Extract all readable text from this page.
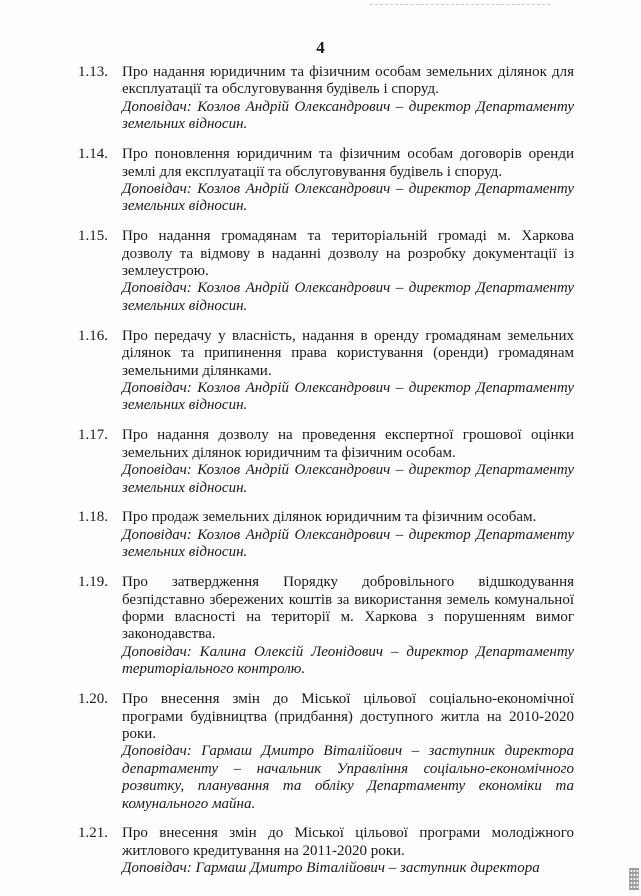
4
1.13. Про надання юридичним та фізичним особам земельних ділянок для експлуатації та обслуговування будівель і споруд.
Доповідач: Козлов Андрій Олександрович – директор Департаменту земельних відносин.
1.14. Про поновлення юридичним та фізичним особам договорів оренди землі для експлуатації та обслуговування будівель і споруд.
Доповідач: Козлов Андрій Олександрович – директор Департаменту земельних відносин.
1.15. Про надання громадянам та територіальній громаді м. Харкова дозволу та відмову в наданні дозволу на розробку документації із землеустрою.
Доповідач: Козлов Андрій Олександрович – директор Департаменту земельних відносин.
1.16. Про передачу у власність, надання в оренду громадянам земельних ділянок та припинення права користування (оренди) громадянам земельними ділянками.
Доповідач: Козлов Андрій Олександрович – директор Департаменту земельних відносин.
1.17. Про надання дозволу на проведення експертної грошової оцінки земельних ділянок юридичним та фізичним особам.
Доповідач: Козлов Андрій Олександрович – директор Департаменту земельних відносин.
1.18. Про продаж земельних ділянок юридичним та фізичним особам.
Доповідач: Козлов Андрій Олександрович – директор Департаменту земельних відносин.
1.19. Про затвердження Порядку добровільного відшкодування безпідставно збережених коштів за використання земель комунальної форми власності на території м. Харкова з порушенням вимог законодавства.
Доповідач: Калина Олексій Леонідович – директор Департаменту територіального контролю.
1.20. Про внесення змін до Міської цільової соціально-економічної програми будівництва (придбання) доступного житла на 2010-2020 роки.
Доповідач: Гармаш Дмитро Віталійович – заступник директора департаменту – начальник Управління соціально-економічного розвитку, планування та обліку Департаменту економіки та комунального майна.
1.21. Про внесення змін до Міської цільової програми молодіжного житлового кредитування на 2011-2020 роки.
Доповідач: Гармаш Дмитро Віталійович – заступник директора
